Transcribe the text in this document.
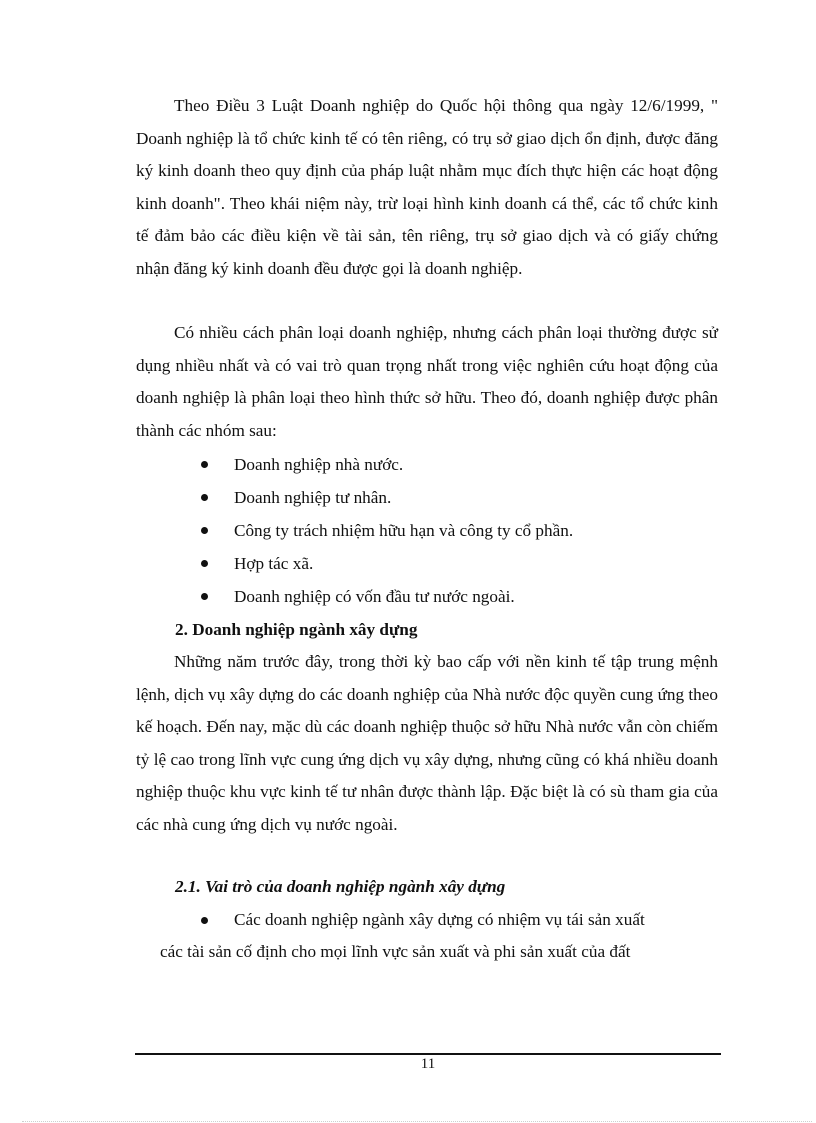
Theo Điều 3 Luật Doanh nghiệp do Quốc hội thông qua ngày 12/6/1999, " Doanh nghiệp là tổ chức kinh tế có tên riêng, có trụ sở giao dịch ổn định, được đăng ký kinh doanh theo quy định của pháp luật nhằm mục đích thực hiện các hoạt động kinh doanh". Theo khái niệm này, trừ loại hình kinh doanh cá thể, các tổ chức kinh tế đảm bảo các điều kiện về tài sản, tên riêng, trụ sở giao dịch và có giấy chứng nhận đăng ký kinh doanh đều được gọi là doanh nghiệp.

Có nhiều cách phân loại doanh nghiệp, nhưng cách phân loại thường được sử dụng nhiều nhất và có vai trò quan trọng nhất trong việc nghiên cứu hoạt động của doanh nghiệp là phân loại theo hình thức sở hữu. Theo đó, doanh nghiệp được phân thành các nhóm sau:

Doanh nghiệp nhà nước.
Doanh nghiệp tư nhân.
Công ty trách nhiệm hữu hạn và công ty cổ phần.
Hợp tác xã.
Doanh nghiệp có vốn đầu tư nước ngoài.
2. Doanh nghiệp ngành xây dựng

Những năm trước đây, trong thời kỳ bao cấp với nền kinh tế tập trung mệnh lệnh, dịch vụ xây dựng do các doanh nghiệp của Nhà nước độc quyền cung ứng theo kế hoạch. Đến nay, mặc dù các doanh nghiệp thuộc sở hữu Nhà nước vẫn còn chiếm tỷ lệ cao trong lĩnh vực cung ứng dịch vụ xây dựng, nhưng cũng có khá nhiều doanh nghiệp thuộc khu vực kinh tế tư nhân được thành lập. Đặc biệt là có sù tham gia của các nhà cung ứng dịch vụ nước ngoài.

2.1. Vai trò của doanh nghiệp ngành xây dựng
Các doanh nghiệp ngành xây dựng có nhiệm vụ tái sản xuất
các tài sản cố định cho mọi lĩnh vực sản xuất và phi sản xuất của đất
11
